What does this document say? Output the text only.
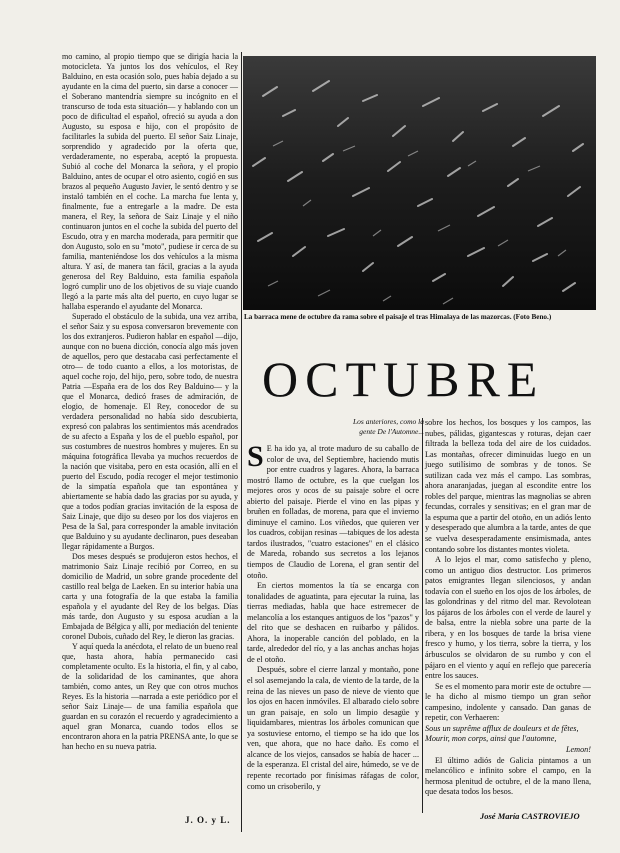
mo camino, al propio tiempo que se dirigía hacia la motocicleta. Ya juntos los dos vehículos, el Rey Balduino, en esta ocasión solo, pues había dejado a su ayudante en la cima del puerto, sin darse a conocer —el Soberano mantendría siempre su incógnito en el transcurso de toda esta situación— y hablando con un poco de dificultad el español, ofreció su ayuda a don Augusto, su esposa e hijo, con el propósito de facilitarles la subida del puerto. El señor Saiz Linaje, sorprendido y agradecido por la oferta que, verdaderamente, no esperaba, aceptó la propuesta. Subió al coche del Monarca la señora, y el propio Balduino, antes de ocupar el otro asiento, cogió en sus brazos al pequeño Augusto Javier, le sentó dentro y se instaló también en el coche. La marcha fue lenta y, finalmente, fue a entregarle a la madre. De esta manera, el Rey, la señora de Saiz Linaje y el niño continuaron juntos en el coche la subida del puerto del Escudo, otra y en marcha moderada, para permitir que don Augusto, solo en su "moto", pudiese ir cerca de su familia, manteniéndose los dos vehículos a la misma altura. Y así, de manera tan fácil, gracias a la ayuda generosa del Rey Balduino, esta familia española logró cumplir uno de los objetivos de su viaje cuando llegó a la parte más alta del puerto, en cuyo lugar se hallaba esperando el ayudante del Monarca.

Superado el obstáculo de la subida, una vez arriba, el señor Saiz y su esposa conversaron brevemente con los dos extranjeros. Pudieron hablar en español —dijo, aunque con no buena dicción, conocía algo más joven de aquellos, pero que destacaba casi perfectamente el otro— de todo cuanto a ellos, a los motoristas, de aquel coche rojo, del hijo, pero, sobre todo, de nuestra Patria —España era de los dos Rey Balduino— y la que el Monarca, dedicó frases de admiración, de elogio, de homenaje. El Rey, conocedor de su verdadera personalidad no había sido descubierta, expresó con palabras los sentimientos más acendrados de su afecto a España y los de el pueblo español, por sus costumbres de nuestros hombres y mujeres. En su máquina fotográfica llevaba ya muchos recuerdos de la nación que visitaba, pero en esta ocasión, allí en el puerto del Escudo, podía recoger el mejor testimonio de la simpatía española que tan espontánea y abiertamente se había dado las gracias por su ayuda, y que a todos podían gracias invitación de la esposa de Saiz Linaje, que dijo su deseo por los dos viajeros en Pesa de la Sal, para corresponder la amable invitación que Balduino y su ayudante declinaron, pues deseaban llegar rápidamente a Burgos.

Dos meses después se produjeron estos hechos, el matrimonio Saiz Linaje recibió por Correo, en su domicilio de Madrid, un sobre grande procedente del castillo real belga de Laeken. En su interior había una carta y una fotografía de la que estaba la familia española y el ayudante del Rey de los belgas. Días más tarde, don Augusto y su esposa acudían a la Embajada de Bélgica y allí, por mediación del teniente coronel Dubois, cuñado del Rey, le dieron las gracias.

Y aquí queda la anécdota, el relato de un bueno real que, hasta ahora, había permanecido casi completamente oculto. Es la historia, el fin, y al cabo, de la solidaridad de los caminantes, que ahora también, como antes, un Rey que con otros muchos Reyes. Es la historia —narrada a este periódico por el señor Saiz Linaje— de una familia española que guardan en su corazón el recuerdo y agradecimiento a aquel gran Monarca, cuando todos ellos se encontraron ahora en la patria PRENSA ante, lo que se han hecho en su nueva patria.

J. O. y L.
La barraca mene de octubre da rama sobre el paisaje el tras Himalaya de las mazorcas. (Foto Beno.)
OCTUBRE
Los anteriores, como la gente De l'Automne...

S E ha ido ya, al trote maduro de su caballo de color de uva, del Septiembre, haciendo mutis por entre cuadros y lagares. Ahora, la barraca mostró llamo de octubre, es la que cuelgan los mejores oros y ocos de su paisaje sobre el ocre abierto del paisaje. Pierde el vino en las pipas y bruñen en folladas, de morena, para que el invierno diminuye el camino. Los viñedos, que quieren ver los cuadros, cobijan resinas —tabiques de los adesta tardos ilustrados, "cuatro estaciones" en el clásico de Mareda, robando sus secretos a los lejanos tiempos de Claudio de Lorena, el gran sentir del otoño.

En ciertos momentos la tía se encarga con tonalidades de aguatinta, para ejecutar la ruina, las tierras mediadas, habla que hace estremecer de melancolía a los estanques antiguos de los "pazos" y del rito que se deshacen en ruibarbo y pálidos. Ahora, la inoperable canción del poblado, en la tarde, alrededor del río, y a las anchas anchas hojas de el otoño.

Después, sobre el cierre lanzal y montaño, pone el sol asemejando la cala, de viento de la tarde, de la reina de las nieves un paso de nieve de viento que los ojos en hacen inmóviles. El albarado cielo sobre un gran paisaje, en solo un limpio desagüe y liquidambares, mientras los árboles comunican que ya sostuviese entorno, el tiempo se ha ido que los ven, que ahora, que no hace daño. Es como el alcance de los viejos, cansados se había de hacer ... de la esperanza. El cristal del aire, húmedo, se ve de repente recortado por finísimas ráfagas de color, como un crisoberilo, y

sobre los hechos, los bosques y los campos, las nubes, pálidas, gigantescas y roturas, dejan caer filtrada la belleza toda del aire de los cuidados. Las montañas, ofrecer diminuidas luego en un juego sutilísimo de sombras y de tonos. Se sutilizan cada vez más el campo. Las sombras, ahora anaranjadas, juegan al escondite entre los robles del parque, mientras las magnolias se abren fecundas, corrales y sensitivas; en el gran mar de la espuma que a partir del otoño, en un adiós lento y desesperado que alumbra a la tarde, antes de que se vuelva desesperadamente ensimismada, antes contando sobre los distantes montes violeta.

A lo lejos el mar, como satisfecho y pleno, como un antiguo dios destructor. Los primeros patos emigrantes llegan silenciosos, y andan todavía con el sueño en los ojos de los árboles, de las golondrinas y del ritmo del mar. Revolotean los pájaros de los árboles con el verde de laurel y de balsa, entre la niebla sobre una parte de la ribera, y en los bosques de tarde la brisa viene fresco y humo, y los tierra, sobre la tierra, y los árbusculos se olvidaron de su rumbo y con el pájaro en el viento y aquí en reflejo que parecería entre los sauces.

Se es el momento para morir este de octubre —le ha dicho al mismo tiempo un gran señor campesino, indolente y cansado. Dan ganas de repetir, con Verhaeren:

Sous un suprême afflux de douleurs et de fêtes,

Mourir, mon corps, ainsi que l'automne,

Lemon!

El último adiós de Galicia pintamos a un melancólico e infinito sobre el campo, en la hermosa plenitud de octubre, el de la mano llena, que desata todos los besos.

José María CASTROVIEJO
